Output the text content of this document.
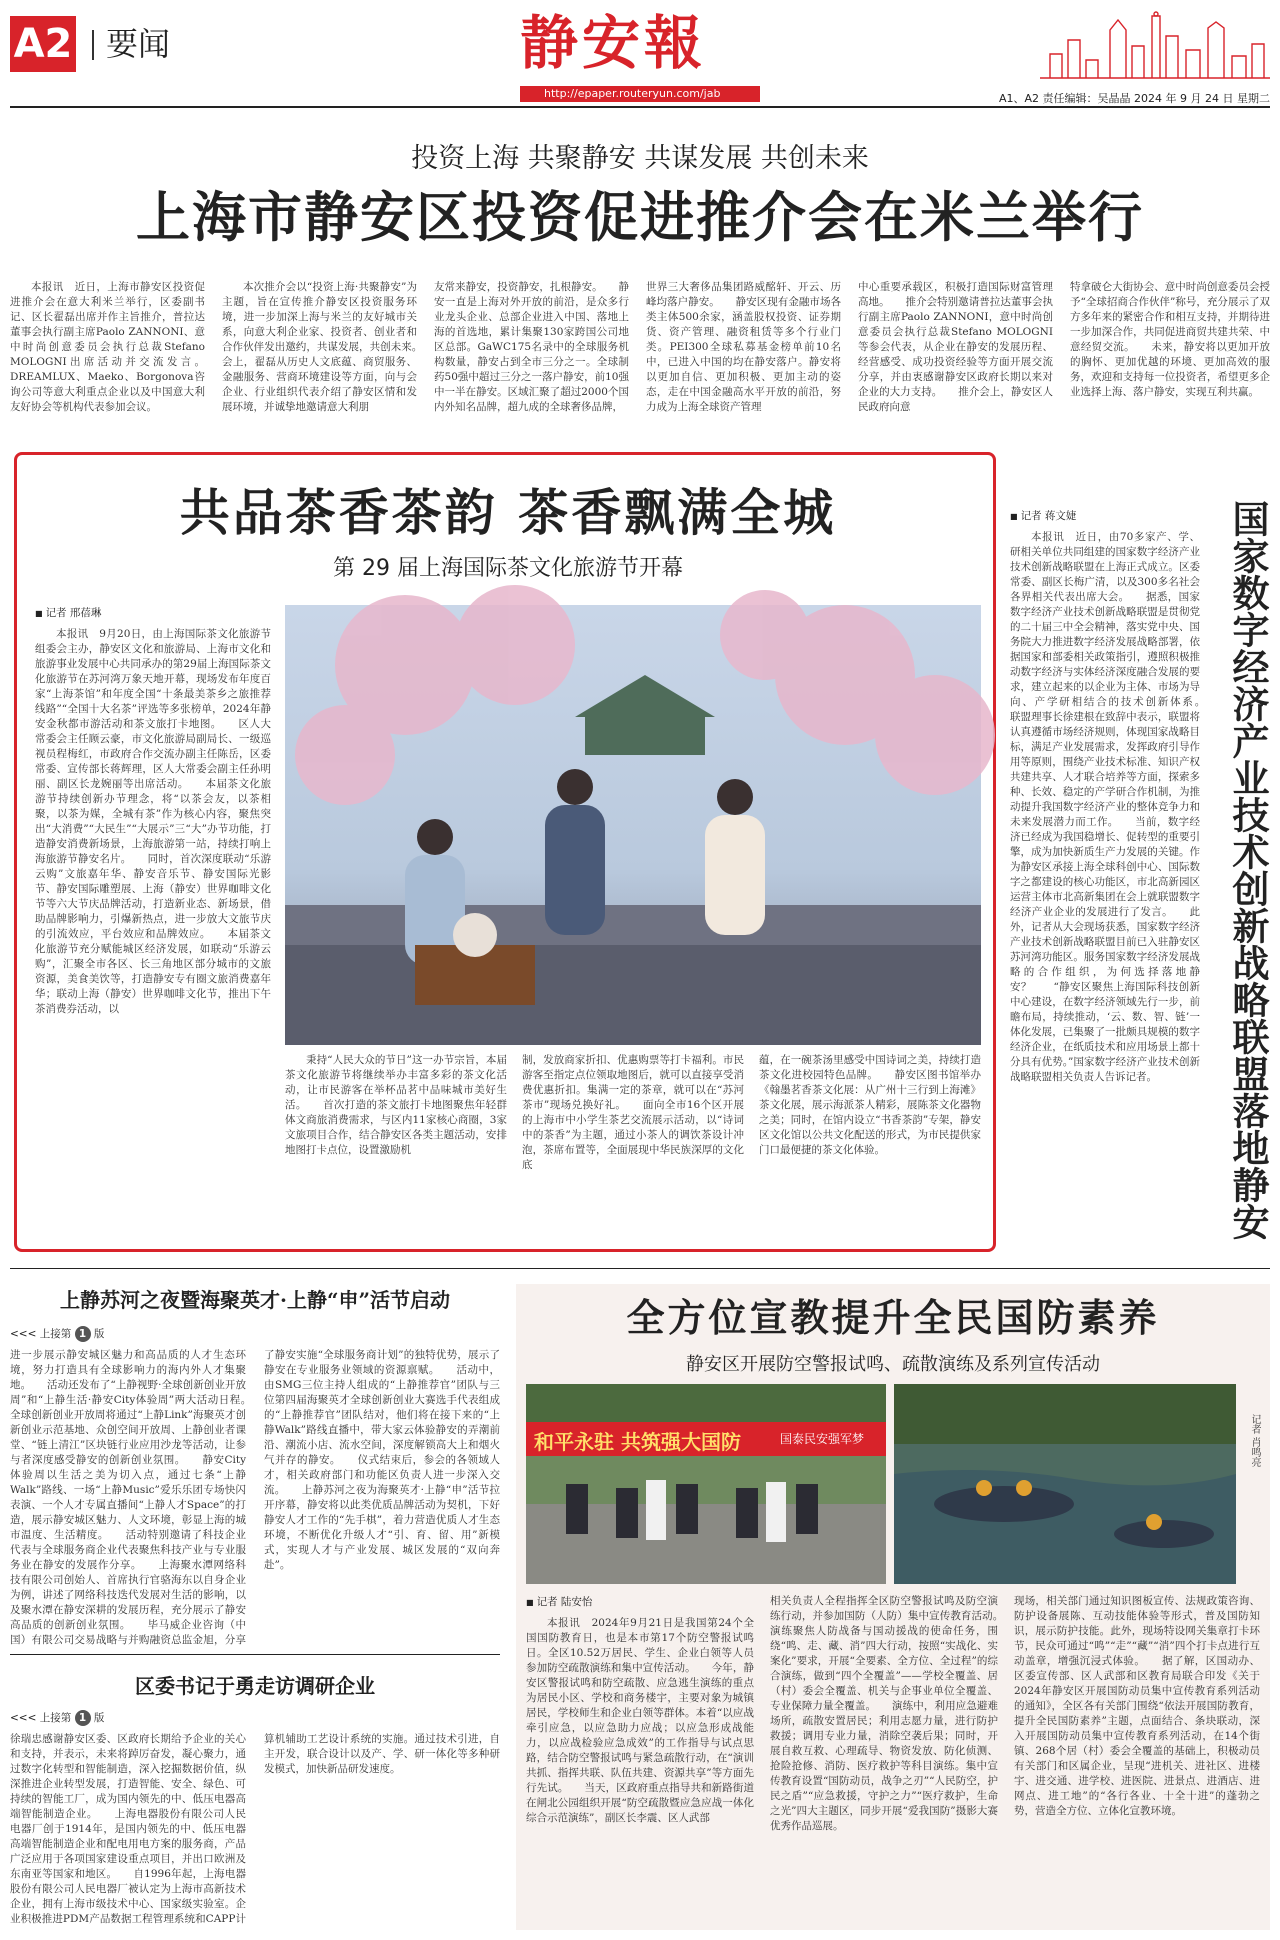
A2 要闻	静安報
http://epaper.routeryun.com/jab	A1、A2 责任编辑：吴晶晶 2024 年 9 月 24 日 星期二
投资上海 共聚静安 共谋发展 共创未来
上海市静安区投资促进推介会在米兰举行
本报讯　近日，上海市静安区投资促进推介会在意大利米兰举行，区委副书记、区长翟磊出席并作主旨推介，普拉达董事会执行副主席Paolo ZANNONI、意中时尚创意委员会执行总裁Stefano MOLOGNI出席活动并交流发言。DREAMLUX、Maeko、Borgonova咨询公司等意大利重点企业以及中国意大利友好协会等机构代表参加会议。
本次推介会以“投资上海·共聚静安”为主题，旨在宣传推介静安区投资服务环境，进一步加深上海与米兰的友好城市关系，向意大利企业家、投资者、创业者和合作伙伴发出邀约，共谋发展，共创未来。　　会上，翟磊从历史人文底蕴、商贸服务、金融服务、营商环境建设等方面，向与会企业、行业组织代表介绍了静安区情和发展环境，并诚挚地邀请意大利朋
友常来静安，投资静安，扎根静安。　　静安一直是上海对外开放的前沿，是众多行业龙头企业、总部企业进入中国、落地上海的首选地，累计集聚130家跨国公司地区总部。GaWC175名录中的全球服务机构数量，静安占到全市三分之一。全球制药50强中超过三分之一落户静安，前10强中一半在静安。区域汇聚了超过2000个国内外知名品牌，超九成的全球奢侈品牌，
世界三大奢侈品集团路威酩轩、开云、历峰均落户静安。　　静安区现有金融市场各类主体500余家，涵盖股权投资、证券期货、资产管理、融资租赁等多个行业门类。PEI300全球私募基金榜单前10名中，已进入中国的均在静安落户。静安将以更加自信、更加积极、更加主动的姿态，走在中国金融高水平开放的前沿，努力成为上海全球资产管理
中心重要承载区，积极打造国际财富管理高地。　　推介会特别邀请普拉达董事会执行副主席Paolo ZANNONI，意中时尚创意委员会执行总裁Stefano MOLOGNI等参会代表，从企业在静安的发展历程、经营感受、成功投资经验等方面开展交流分享，并由衷感谢静安区政府长期以来对企业的大力支持。　　推介会上，静安区人民政府向意
特拿破仑大街协会、意中时尚创意委员会授予“全球招商合作伙伴”称号，充分展示了双方多年来的紧密合作和相互支持，并期待进一步加深合作，共同促进商贸共建共荣、中意经贸交流。　　未来，静安将以更加开放的胸怀、更加优越的环境、更加高效的服务，欢迎和支持每一位投资者，希望更多企业选择上海、落户静安，实现互利共赢。
共品茶香茶韵 茶香飘满全城
第 29 届上海国际茶文化旅游节开幕
■ 记者 邢蓓琳
本报讯　9月20日，由上海国际茶文化旅游节组委会主办，静安区文化和旅游局、上海市文化和旅游事业发展中心共同承办的第29届上海国际茶文化旅游节在苏河湾万象天地开幕，现场发布年度百家“上海茶馆”和年度全国“十条最美茶乡之旅推荐线路”“全国十大名茶”评选等多张榜单，2024年静安金秋都市游活动和茶文旅打卡地图。　　区人大常委会主任顾云豪，市文化旅游局副局长、一级巡视员程梅红，市政府合作交流办副主任陈岳，区委常委、宣传部长蒋辉理，区人大常委会副主任孙明丽、副区长龙婉丽等出席活动。　　本届茶文化旅游节持续创新办节理念，将“以茶会友，以茶相聚，以茶为媒，全城有茶”作为核心内容，聚焦突出“大消费”“大民生”“大展示”三“大”办节功能，打造静安消费新场景，上海旅游第一站，持续打响上海旅游节静安名片。　　同时，首次深度联动“乐游云购”文旅嘉年华、静安音乐节、静安国际光影节、静安国际雕塑展、上海（静安）世界咖啡文化节等六大节庆品牌活动，打造新业态、新场景，借助品牌影响力，引爆新热点，进一步放大文旅节庆的引流效应，平台效应和品牌效应。　　本届茶文化旅游节充分赋能城区经济发展，如联动“乐游云购”，汇聚全市各区、长三角地区部分城市的文旅资源，美食美饮等，打造静安专有圈文旅消费嘉年华；联动上海（静安）世界咖啡文化节，推出下午茶消费券活动，以
秉持“人民大众的节日”这一办节宗旨，本届茶文化旅游节将继续举办丰富多彩的茶文化活动，让市民游客在举杯品茗中品味城市美好生活。　　首次打造的茶文旅打卡地图聚焦年轻群体文商旅消费需求，与区内11家核心商圈，3家文旅项目合作，结合静安区各类主题活动，安排地图打卡点位，设置激励机
制，发放商家折扣、优惠购票等打卡福利。市民游客至指定点位领取地图后，就可以直接享受消费优惠折扣。集满一定的茶章，就可以在“苏河茶市”现场兑换好礼。　　面向全市16个区开展的上海市中小学生茶艺交流展示活动，以“诗词中的茶香”为主题，通过小茶人的调饮茶设计冲泡，茶席布置等，全面展现中华民族深厚的文化底
蕴，在一碗茶汤里感受中国诗词之美，持续打造茶文化进校园特色品牌。　　静安区图书馆举办《翰墨茗香茶文化展：从广州十三行到上海滩》茶文化展，展示海派茶人精彩，展陈茶文化器物之美；同时，在馆内设立“书香茶韵”专架，静安区文化馆以公共文化配送的形式，为市民提供家门口最便捷的茶文化体验。
■ 记者 蒋文婕
本报讯　近日，由70多家产、学、研相关单位共同组建的国家数字经济产业技术创新战略联盟在上海正式成立。区委常委、副区长梅广清，以及300多名社会各界相关代表出席大会。　　据悉，国家数字经济产业技术创新战略联盟是贯彻党的二十届三中全会精神，落实党中央、国务院大力推进数字经济发展战略部署，依据国家和部委相关政策指引，遵照积极推动数字经济与实体经济深度融合发展的要求，建立起来的以企业为主体、市场为导向、产学研相结合的技术创新体系。　　联盟理事长徐建根在致辞中表示，联盟将认真遵循市场经济规则，体现国家战略目标，满足产业发展需求，发挥政府引导作用等原则，围绕产业技术标准、知识产权共建共享、人才联合培养等方面，探索多种、长效、稳定的产学研合作机制，为推动提升我国数字经济产业的整体竞争力和未来发展潜力而工作。　　当前，数字经济已经成为我国稳增长、促转型的重要引擎，成为加快新质生产力发展的关键。作为静安区承接上海全球科创中心、国际数字之都建设的核心功能区，市北高新园区运营主体市北高新集团在会上就联盟数字经济产业企业的发展进行了发言。　　此外，记者从大会现场获悉，国家数字经济产业技术创新战略联盟目前已入驻静安区苏河湾功能区。服务国家数字经济发展战略的合作组织，为何选择落地静安？　　“静安区聚焦上海国际科技创新中心建设，在数字经济领域先行一步，前瞻布局，持续推动，‘云、数、智、链’一体化发展，已集聚了一批颇具规模的数字经济企业，在纸质技术和应用场景上都十分具有优势。”国家数字经济产业技术创新战略联盟相关负责人告诉记者。	国家数字经济产业技术创新战略联盟落地静安
上静苏河之夜暨海聚英才·上静“申”活节启动
<<< 上接第 1 版
进一步展示静安城区魅力和高品质的人才生态环境，努力打造具有全球影响力的海内外人才集聚地。　　活动还发布了“上静视野·全球创新创业开放周”和“上静生活·静安City体验周”两大活动日程。　　全球创新创业开放周将通过“上静Link”海聚英才创新创业示范基地、众创空间开放周、上静创业者课堂、“链上清江”区块链行业应用沙龙等活动，让参与者深度感受静安的创新创业氛围。　　静安City体验周以生活之美为切入点，通过七条“上静Walk”路线、一场“上静Music”爱乐乐团专场快闪表演、一个人才专属直播间“上静人才Space”的打造，展示静安城区魅力、人文环境，彰显上海的城市温度、生活精度。　　活动特别邀请了科技企业代表与全球服务商企业代表聚焦科技产业与专业服务业在静安的发展作分享。　　上海聚水潭网络科技有限公司创始人、首席执行官骆海东以自身企业为例，讲述了网络科技迭代发展对生活的影响，以及聚水潭在静安深耕的发展历程，充分展示了静安高品质的创新创业氛围。　　毕马威企业咨询（中国）有限公司交易战略与并购融资总监金旭，分享了静安实施“全球服务商计划”的独特优势，展示了静安在专业服务业领域的资源禀赋。　　活动中，由SMG三位主持人组成的“上静推荐官”团队与三位第四届海聚英才全球创新创业大赛选手代表组成的“上静推荐官”团队结对，他们将在接下来的“上静Walk”路线直播中，带大家云体验静安的弄潮前沿、潮流小店、流水空间，深度解锁高大上和烟火气并存的静安。　　仪式结束后，参会的各领域人才，相关政府部门和功能区负责人进一步深入交流。　　上静苏河之夜为海聚英才·上静“申”活节拉开序幕，静安将以此类优质品牌活动为契机，下好静安人才工作的“先手棋”，着力营造优质人才生态环境，不断优化升级人才“引、育、留、用”新模式，实现人才与产业发展、城区发展的“双向奔赴”。
区委书记于勇走访调研企业
<<< 上接第 1 版
徐瑞忠感谢静安区委、区政府长期给予企业的关心和支持，并表示，未来将踔厉奋发，凝心聚力，通过数字化转型和智能制造，深入挖掘数据价值，纵深推进企业转型发展，打造智能、安全、绿色、可持续的智能工厂，成为国内领先的中、低压电器高端智能制造企业。　　上海电器股份有限公司人民电器厂创于1914年，是国内领先的中、低压电器高端智能制造企业和配电用电方案的服务商，产品广泛应用于各项国家建设重点项目，并出口欧洲及东南亚等国家和地区。　　自1996年起，上海电器股份有限公司人民电器厂被认定为上海市高新技术企业，拥有上海市级技术中心、国家级实验室。企业积极推进PDM产品数据工程管理系统和CAPP计算机辅助工艺设计系统的实施。通过技术引进，自主开发，联合设计以及产、学、研一体化等多种研发模式，加快新品研发速度。
全方位宣教提升全民国防素养
静安区开展防空警报试鸣、疏散演练及系列宣传活动
和平永驻 共筑强大国防	国泰民安强军梦	记者 肖鸣亮
■ 记者 陆安怡
本报讯　2024年9月21日是我国第24个全国国防教育日，也是本市第17个防空警报试鸣日。全区10.52万居民、学生、企业白领等人员参加防空疏散演练和集中宣传活动。　　今年，静安区警报试鸣和防空疏散、应急逃生演练的重点为居民小区、学校和商务楼宇，主要对象为城镇居民，学校师生和企业白领等群体。本着“以应战牵引应急，以应急助力应战；以应急形成战能力，以应战检验应急成效”的工作指导与试点思路，结合防空警报试鸣与紧急疏散行动，在“演训共抓、指挥共联、队伍共建、资源共享”等方面先行先试。　　当天，区政府重点指导共和新路街道在闸北公园组织开展“防空疏散暨应急应战一体化综合示范演练”，副区长李震、区人武部
相关负责人全程指挥全区防空警报试鸣及防空演练行动，并参加国防（人防）集中宣传教育活动。　　演练聚焦人防战备与国动援战的使命任务，围绕“鸣、走、藏、消”四大行动，按照“实战化、实案化”要求，开展“全要素、全方位、全过程”的综合演练，做到“四个全覆盖”——学校全覆盖、居（村）委会全覆盖、机关与企事业单位全覆盖、专业保障力量全覆盖。　　演练中，利用应急避难场所，疏散安置居民；利用志愿力量，进行防护救援；调用专业力量，消除空袭后果；同时，开展自救互救、心理疏导、物资发放、防化侦测、抢险抢修、消防、医疗救护等科目演练。集中宣传教育设置“国防动员，战争之刃”“人民防空，护民之盾”“应急救援，守护之力”“医疗救护，生命之光”四大主题区，同步开展“爱我国防”摄影大赛优秀作品巡展。
现场，相关部门通过知识图板宣传、法规政策咨询、防护设备展陈、互动技能体验等形式，普及国防知识，展示防护技能。此外，现场特设网关集章打卡环节，民众可通过“鸣”“走”“藏”“消”四个打卡点进行互动盖章，增强沉浸式体验。　　据了解，区国动办、区委宣传部、区人武部和区教育局联合印发《关于2024年静安区开展国防动员集中宣传教育系列活动的通知》，全区各有关部门围绕“依法开展国防教育，提升全民国防素养”主题，点面结合、条块联动，深入开展国防动员集中宣传教育系列活动，在14个街镇、268个居（村）委会全覆盖的基础上，积极动员有关部门和区属企业，呈现“进机关、进社区、进楼宇、进交通、进学校、进医院、进景点、进酒店、进网点、进工地”的“各行各业、十全十进”的蓬勃之势，营造全方位、立体化宣教环境。
